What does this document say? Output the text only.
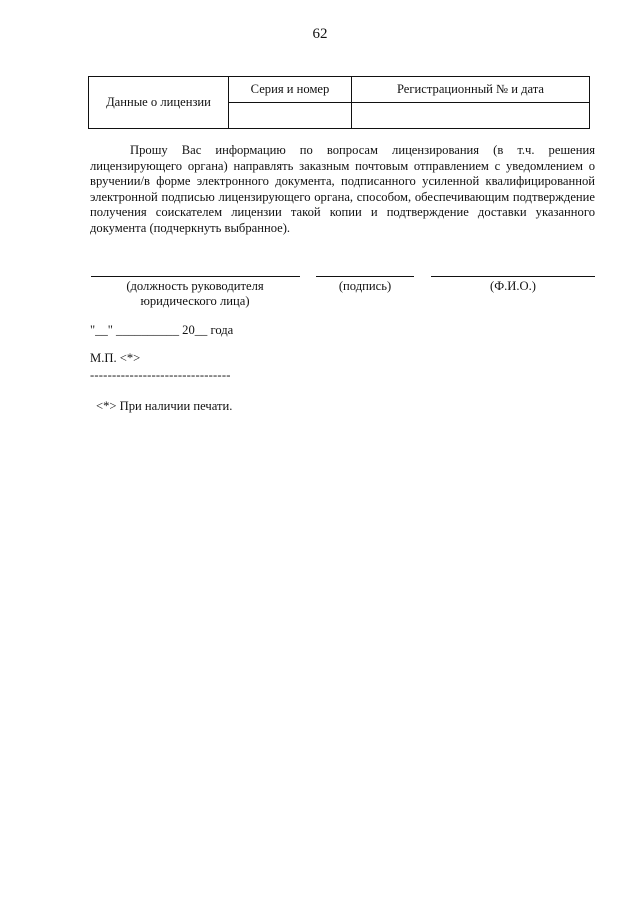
62
Данные о лицензии	Серия и номер	Регистрационный № и дата

Прошу Вас информацию по вопросам лицензирования (в т.ч. решения лицензирующего органа) направлять заказным почтовым отправлением с уведомлением о вручении/в форме электронного документа, подписанного усиленной квалифицированной электронной подписью лицензирующего органа, способом, обеспечивающим подтверждение получения соискателем лицензии такой копии и подтверждение доставки указанного документа (подчеркнуть выбранное).

(должность руководителя юридического лица)
(подпись)	(Ф.И.О.)
"__" __________ 20__ года
М.П. <*>
--------------------------------
<*> При наличии печати.
